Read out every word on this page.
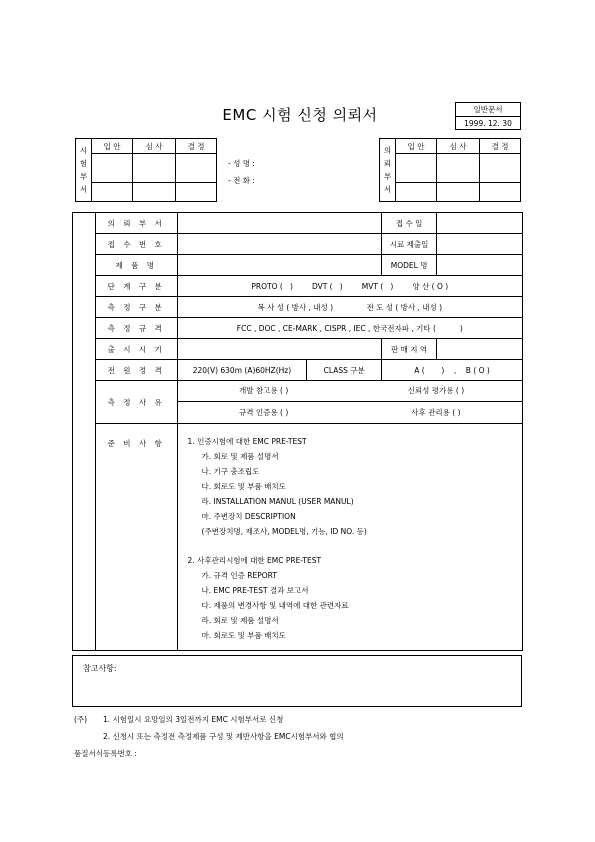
EMC 시험 신청 의뢰서	일반문서
1999. 12. 30
시
험
부
서	입 안	심 사	결 정

- 성 명 :
- 전 화 :
의
뢰
부
서	입 안	심 사	결 정

	의 뢰 부 서		접 수 일	
접 수 번 호		시료 제출일	
제 품 명		MODEL 명	
단 계 구 분	PROTO (   )        DVT (   )        MVT (   )        양 산 ( O )
측 정 구 분	복 사 성 ( 방사 , 내성 )              전 도 성 ( 방사 , 내성 )
측 정 규 격	FCC , DOC , CE-MARK , CISPR , IEC , 한국전자파 , 기타 (          )
출 시 시 기		판 매 지 역	
전 원 정 격	220(V) 630m (A)60HZ(Hz)	CLASS 구분	A (       )    ,    B ( O )
측 정 사 유	
개발 참고용 ( )	신뢰성 평가용 ( )
규격 인증용 ( )	사후 관리용 ( )

준 비 사 항	1. 인증시험에 대한 EMC PRE-TEST
가. 회로 및 제품 설명서
나. 기구 충조립도
다. 회로도 및 부품 배치도
라. INSTALLATION MANUL (USER MANUL)
마. 주변장치 DESCRIPTION
(주변장치명, 제조사, MODEL명, 기능, ID NO. 등)
2. 사후관리시험에 대한 EMC PRE-TEST
가. 규격 인증 REPORT
나. EMC PRE-TEST 결과 보고서
다. 제품의 변경사항 및 내역에 대한 관련자료
라. 회로 및 제품 설명서
마. 회로도 및 부품 배치도
참고사항:
(주) 1. 시험일시 요망일의 3일전까지 EMC 시험부서로 신청
2. 신청시 또는 측정전 측정제품 구성 및 제반사항을 EMC시험부서와 협의
품질서식등록번호 :
